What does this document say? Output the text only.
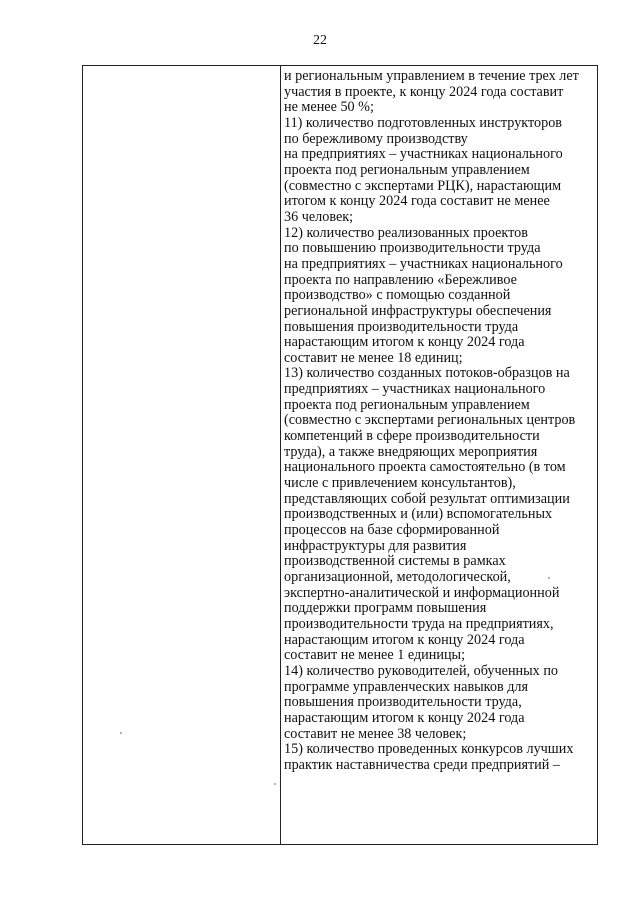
22
и региональным управлением в течение трех лет
участия в проекте, к концу 2024 года составит
не менее 50 %;
11) количество подготовленных инструкторов
по бережливому производству
на предприятиях – участниках национального
проекта под региональным управлением
(совместно с экспертами РЦК), нарастающим
итогом к концу 2024 года составит не менее
36 человек;
12) количество реализованных проектов
по повышению производительности труда
на предприятиях – участниках национального
проекта по направлению «Бережливое
производство» с помощью созданной
региональной инфраструктуры обеспечения
повышения производительности труда
нарастающим итогом к концу 2024 года
составит не менее 18 единиц;
13) количество созданных потоков-образцов на
предприятиях – участниках национального
проекта под региональным управлением
(совместно с экспертами региональных центров
компетенций в сфере производительности
труда), а также внедряющих мероприятия
национального проекта самостоятельно (в том
числе с привлечением консультантов),
представляющих собой результат оптимизации
производственных и (или) вспомогательных
процессов на базе сформированной
инфраструктуры для развития
производственной системы в рамках
организационной, методологической,
экспертно-аналитической и информационной
поддержки программ повышения
производительности труда на предприятиях,
нарастающим итогом к концу 2024 года
составит не менее 1 единицы;
14) количество руководителей, обученных по
программе управленческих навыков для
повышения производительности труда,
нарастающим итогом к концу 2024 года
составит не менее 38 человек;
15) количество проведенных конкурсов лучших
практик наставничества среди предприятий –
